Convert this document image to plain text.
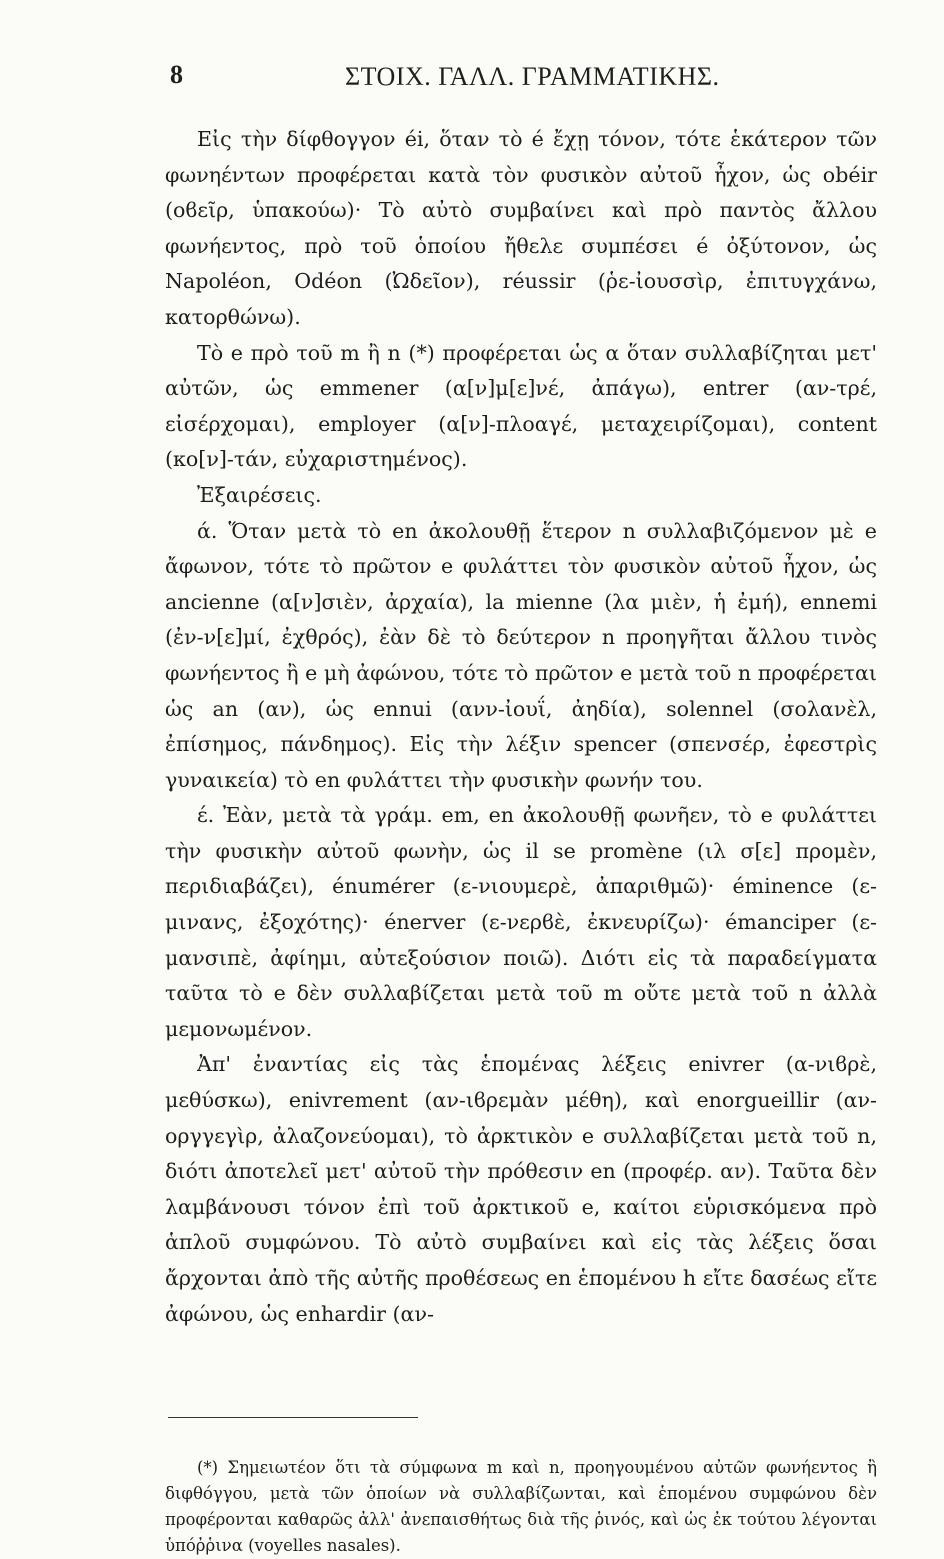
8	ΣΤΟΙΧ. ΓΑΛΛ. ΓΡΑΜΜΑΤΙΚΗΣ.

Εἰς τὴν δίφθογγον éi, ὅταν τὸ é ἔχῃ τόνον, τότε ἑκάτερον τῶν φωνηέντων προφέρεται κατὰ τὸν φυσικὸν αὐτοῦ ἦχον, ὡς obéir (οϐεῖρ, ὑπακούω)· Τὸ αὐτὸ συμβαίνει καὶ πρὸ παντὸς ἄλλου φωνήεντος, πρὸ τοῦ ὁποίου ἤθελε συμπέσει é ὀξύτονον, ὡς Napoléon, Odéon (Ὠδεῖον), réussir (ῥε-ἰουσσὶρ, ἐπιτυγχάνω, κατορθώνω).

Τὸ e πρὸ τοῦ m ἢ n (*) προφέρεται ὡς α ὅταν συλλαβίζηται μετ' αὐτῶν, ὡς emmener (α[ν]μ[ε]νέ, ἀπάγω), entrer (αν-τρέ, εἰσέρχομαι), employer (α[ν]-πλοαγέ, μεταχειρίζομαι), content (κο[ν]-τάν, εὐχαριστημένος).

Ἐξαιρέσεις.

ά. Ὅταν μετὰ τὸ en ἀκολουθῇ ἕτερον n συλλαβιζόμενον μὲ e ἄφωνον, τότε τὸ πρῶτον e φυλάττει τὸν φυσικὸν αὐτοῦ ἦχον, ὡς ancienne (α[ν]σιὲν, ἀρχαία), la mienne (λα μιὲν, ἡ ἐμή), ennemi (ἐν-ν[ε]μί, ἐχθρός), ἐὰν δὲ τὸ δεύτερον n προηγῆται ἄλλου τινὸς φωνήεντος ἢ e μὴ ἀφώνου, τότε τὸ πρῶτον e μετὰ τοῦ n προφέρεται ὡς an (αν), ὡς ennui (ανν-ἰουΐ, ἀηδία), solennel (σολανὲλ, ἐπίσημος, πάνδημος). Εἰς τὴν λέξιν spencer (σπενσέρ, ἐφεστρὶς γυναικεία) τὸ en φυλάττει τὴν φυσικὴν φωνήν του.

έ. Ἐὰν, μετὰ τὰ γράμ. em, en ἀκολουθῇ φωνῆεν, τὸ e φυλάττει τὴν φυσικὴν αὐτοῦ φωνὴν, ὡς il se promène (ιλ σ[ε] προμὲν, περιδιαβάζει), énumérer (ε-νιουμερὲ, ἀπαριθμῶ)· éminence (ε-μινανς, ἐξοχότης)· énerver (ε-νερϐὲ, ἐκνευρίζω)· émanciper (ε-μανσιπὲ, ἀφίημι, αὐτεξούσιον ποιῶ). Διότι εἰς τὰ παραδείγματα ταῦτα τὸ e δὲν συλλαβίζεται μετὰ τοῦ m οὔτε μετὰ τοῦ n ἀλλὰ μεμονωμένον.

Ἀπ' ἐναντίας εἰς τὰς ἑπομένας λέξεις enivrer (α-νιϐρὲ, μεθύσκω), enivrement (αν-ιϐρεμὰν μέθη), καὶ enorgueillir (αν-οργγεγὶρ, ἀλαζονεύομαι), τὸ ἀρκτικὸν e συλλαβίζεται μετὰ τοῦ n, διότι ἀποτελεῖ μετ' αὐτοῦ τὴν πρόθεσιν en (προφέρ. αν). Ταῦτα δὲν λαμβάνουσι τόνον ἐπὶ τοῦ ἀρκτικοῦ e, καίτοι εὑρισκόμενα πρὸ ἁπλοῦ συμφώνου. Τὸ αὐτὸ συμβαίνει καὶ εἰς τὰς λέξεις ὅσαι ἄρχονται ἀπὸ τῆς αὐτῆς προθέσεως en ἑπομένου h εἴτε δασέως εἴτε ἀφώνου, ὡς enhardir (αν-

(*) Σημειωτέον ὅτι τὰ σύμφωνα m καὶ n, προηγουμένου αὐτῶν φωνήεντος ἢ διφθόγγου, μετὰ τῶν ὁποίων νὰ συλλαβίζωνται, καὶ ἑπομένου συμφώνου δὲν προφέρονται καθαρῶς ἀλλ' ἀνεπαισθήτως διὰ τῆς ῥινός, καὶ ὡς ἐκ τούτου λέγονται ὑπόῤῥινα (voyelles nasales).
